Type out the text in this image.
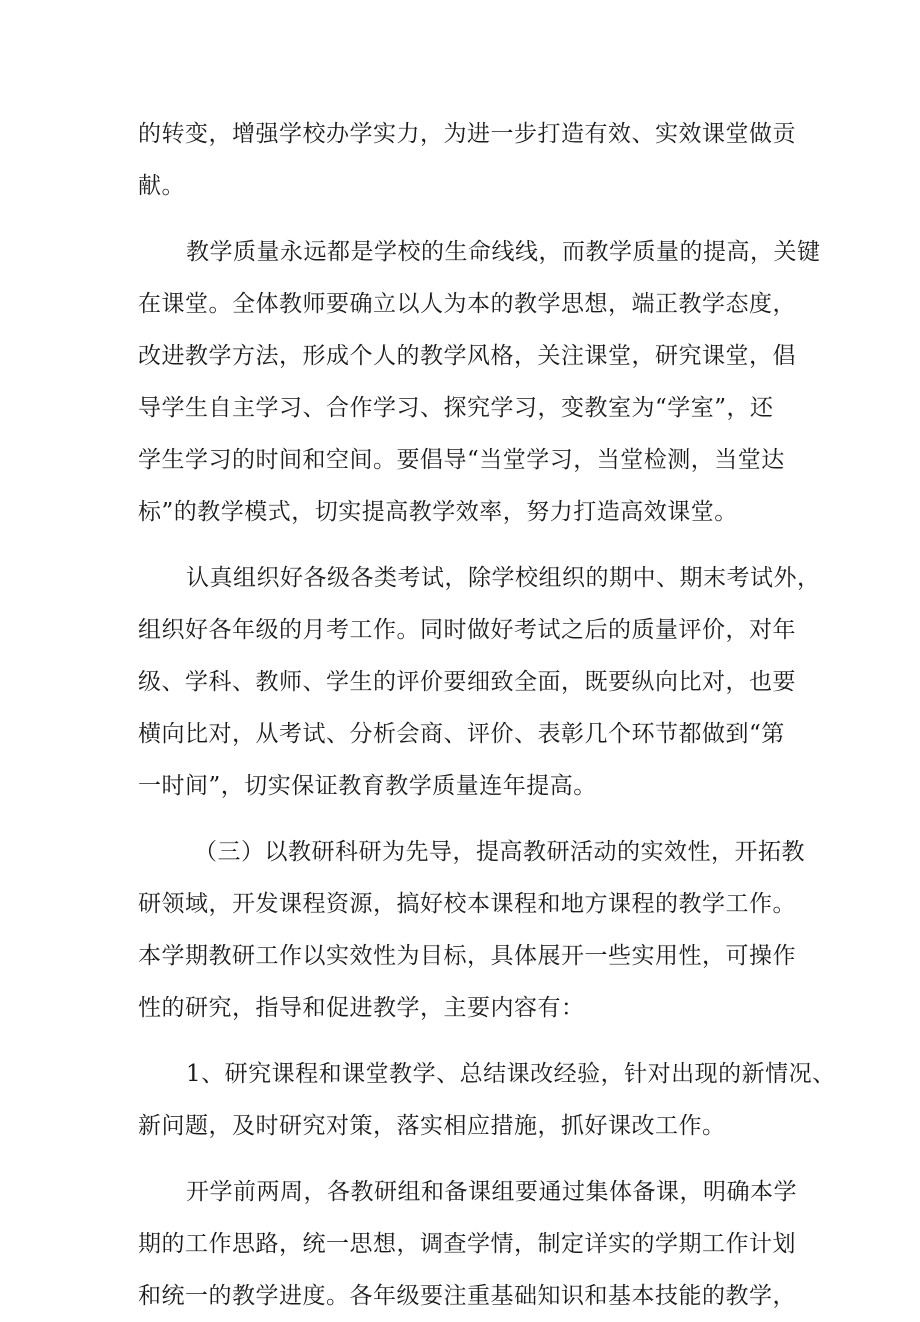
的转变，增强学校办学实力，为进一步打造有效、实效课堂做贡
献。
教学质量永远都是学校的生命线线，而教学质量的提高，关键
在课堂。全体教师要确立以人为本的教学思想，端正教学态度，
改进教学方法，形成个人的教学风格，关注课堂，研究课堂，倡
导学生自主学习、合作学习、探究学习，变教室为“学室”，还
学生学习的时间和空间。要倡导“当堂学习，当堂检测，当堂达
标”的教学模式，切实提高教学效率，努力打造高效课堂。
认真组织好各级各类考试，除学校组织的期中、期末考试外，
组织好各年级的月考工作。同时做好考试之后的质量评价，对年
级、学科、教师、学生的评价要细致全面，既要纵向比对，也要
横向比对，从考试、分析会商、评价、表彰几个环节都做到“第
一时间”，切实保证教育教学质量连年提高。
（三）以教研科研为先导，提高教研活动的实效性，开拓教
研领域，开发课程资源，搞好校本课程和地方课程的教学工作。
本学期教研工作以实效性为目标，具体展开一些实用性，可操作
性的研究，指导和促进教学，主要内容有：
1、研究课程和课堂教学、总结课改经验，针对出现的新情况、
新问题，及时研究对策，落实相应措施，抓好课改工作。
开学前两周，各教研组和备课组要通过集体备课，明确本学
期的工作思路，统一思想，调查学情，制定详实的学期工作计划
和统一的教学进度。各年级要注重基础知识和基本技能的教学，
